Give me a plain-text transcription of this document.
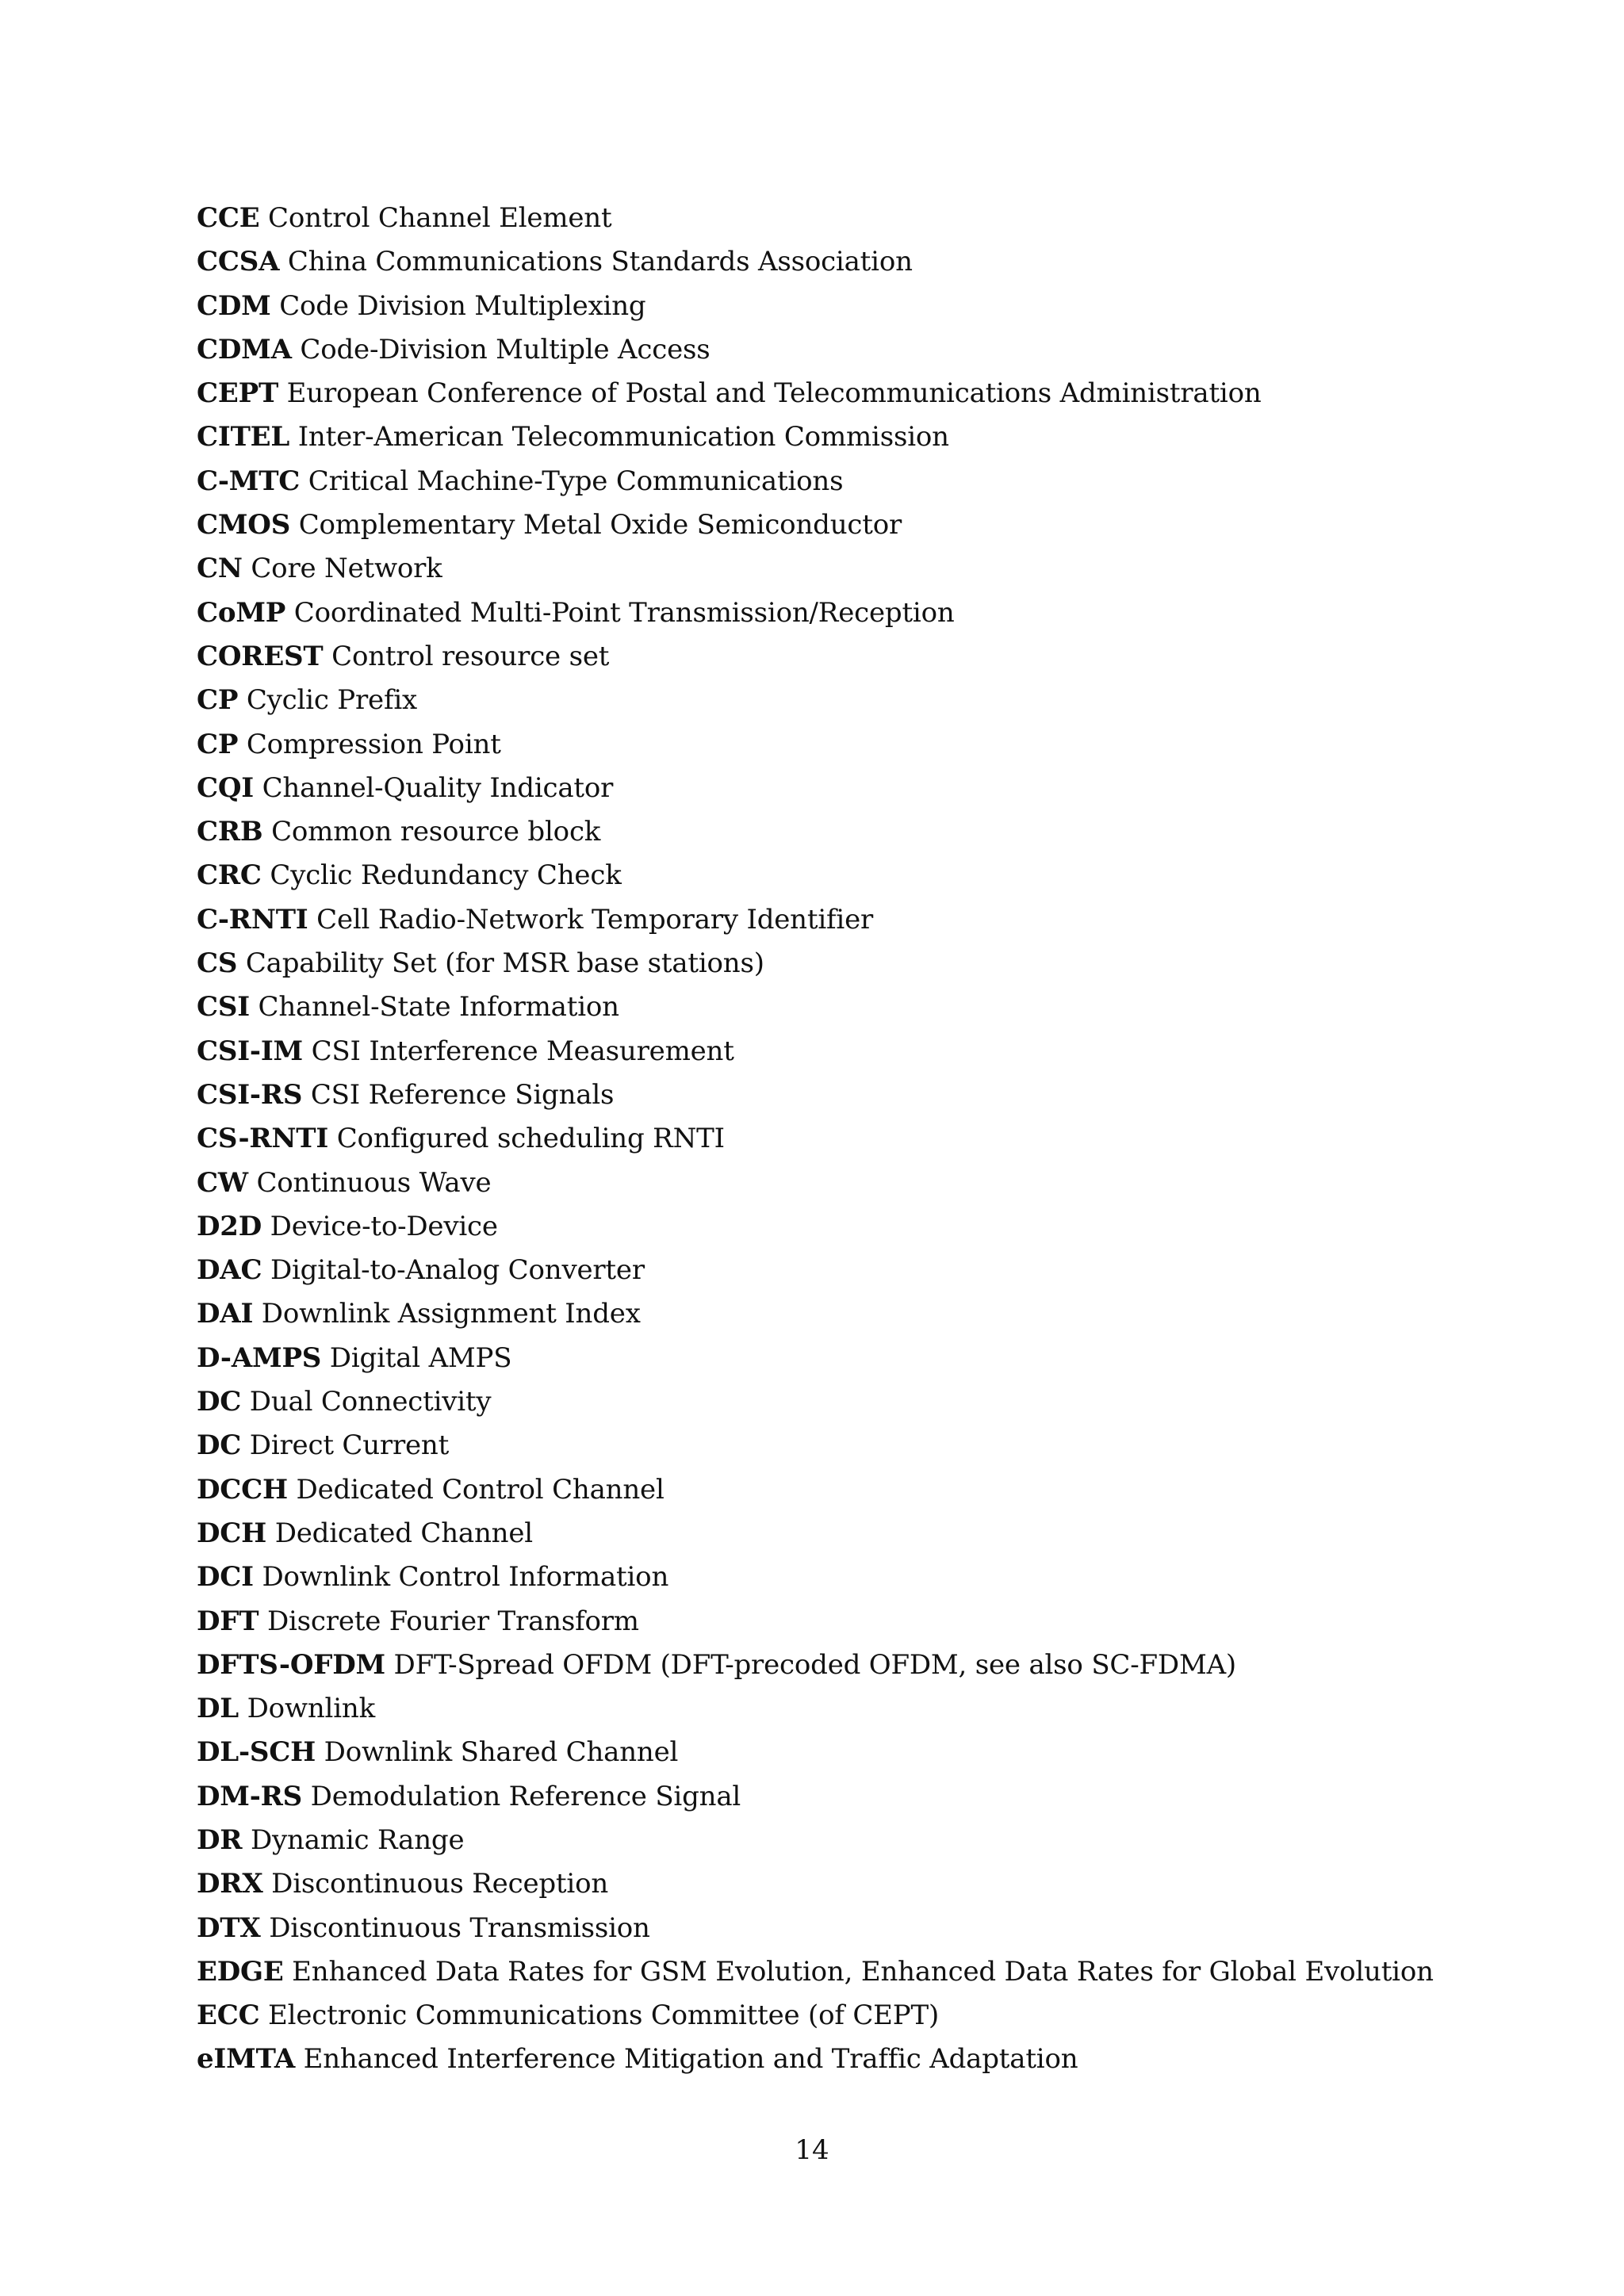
CCE Control Channel Element
CCSA China Communications Standards Association
CDM Code Division Multiplexing
CDMA Code-Division Multiple Access
CEPT European Conference of Postal and Telecommunications Administration
CITEL Inter-American Telecommunication Commission
C-MTC Critical Machine-Type Communications
CMOS Complementary Metal Oxide Semiconductor
CN Core Network
CoMP Coordinated Multi-Point Transmission/Reception
COREST Control resource set
CP Cyclic Prefix
CP Compression Point
CQI Channel-Quality Indicator
CRB Common resource block
CRC Cyclic Redundancy Check
C-RNTI Cell Radio-Network Temporary Identifier
CS Capability Set (for MSR base stations)
CSI Channel-State Information
CSI-IM CSI Interference Measurement
CSI-RS CSI Reference Signals
CS-RNTI Configured scheduling RNTI
CW Continuous Wave
D2D Device-to-Device
DAC Digital-to-Analog Converter
DAI Downlink Assignment Index
D-AMPS Digital AMPS
DC Dual Connectivity
DC Direct Current
DCCH Dedicated Control Channel
DCH Dedicated Channel
DCI Downlink Control Information
DFT Discrete Fourier Transform
DFTS-OFDM DFT-Spread OFDM (DFT-precoded OFDM, see also SC-FDMA)
DL Downlink
DL-SCH Downlink Shared Channel
DM-RS Demodulation Reference Signal
DR Dynamic Range
DRX Discontinuous Reception
DTX Discontinuous Transmission
EDGE Enhanced Data Rates for GSM Evolution, Enhanced Data Rates for Global Evolution
ECC Electronic Communications Committee (of CEPT)
eIMTA Enhanced Interference Mitigation and Traffic Adaptation
14
